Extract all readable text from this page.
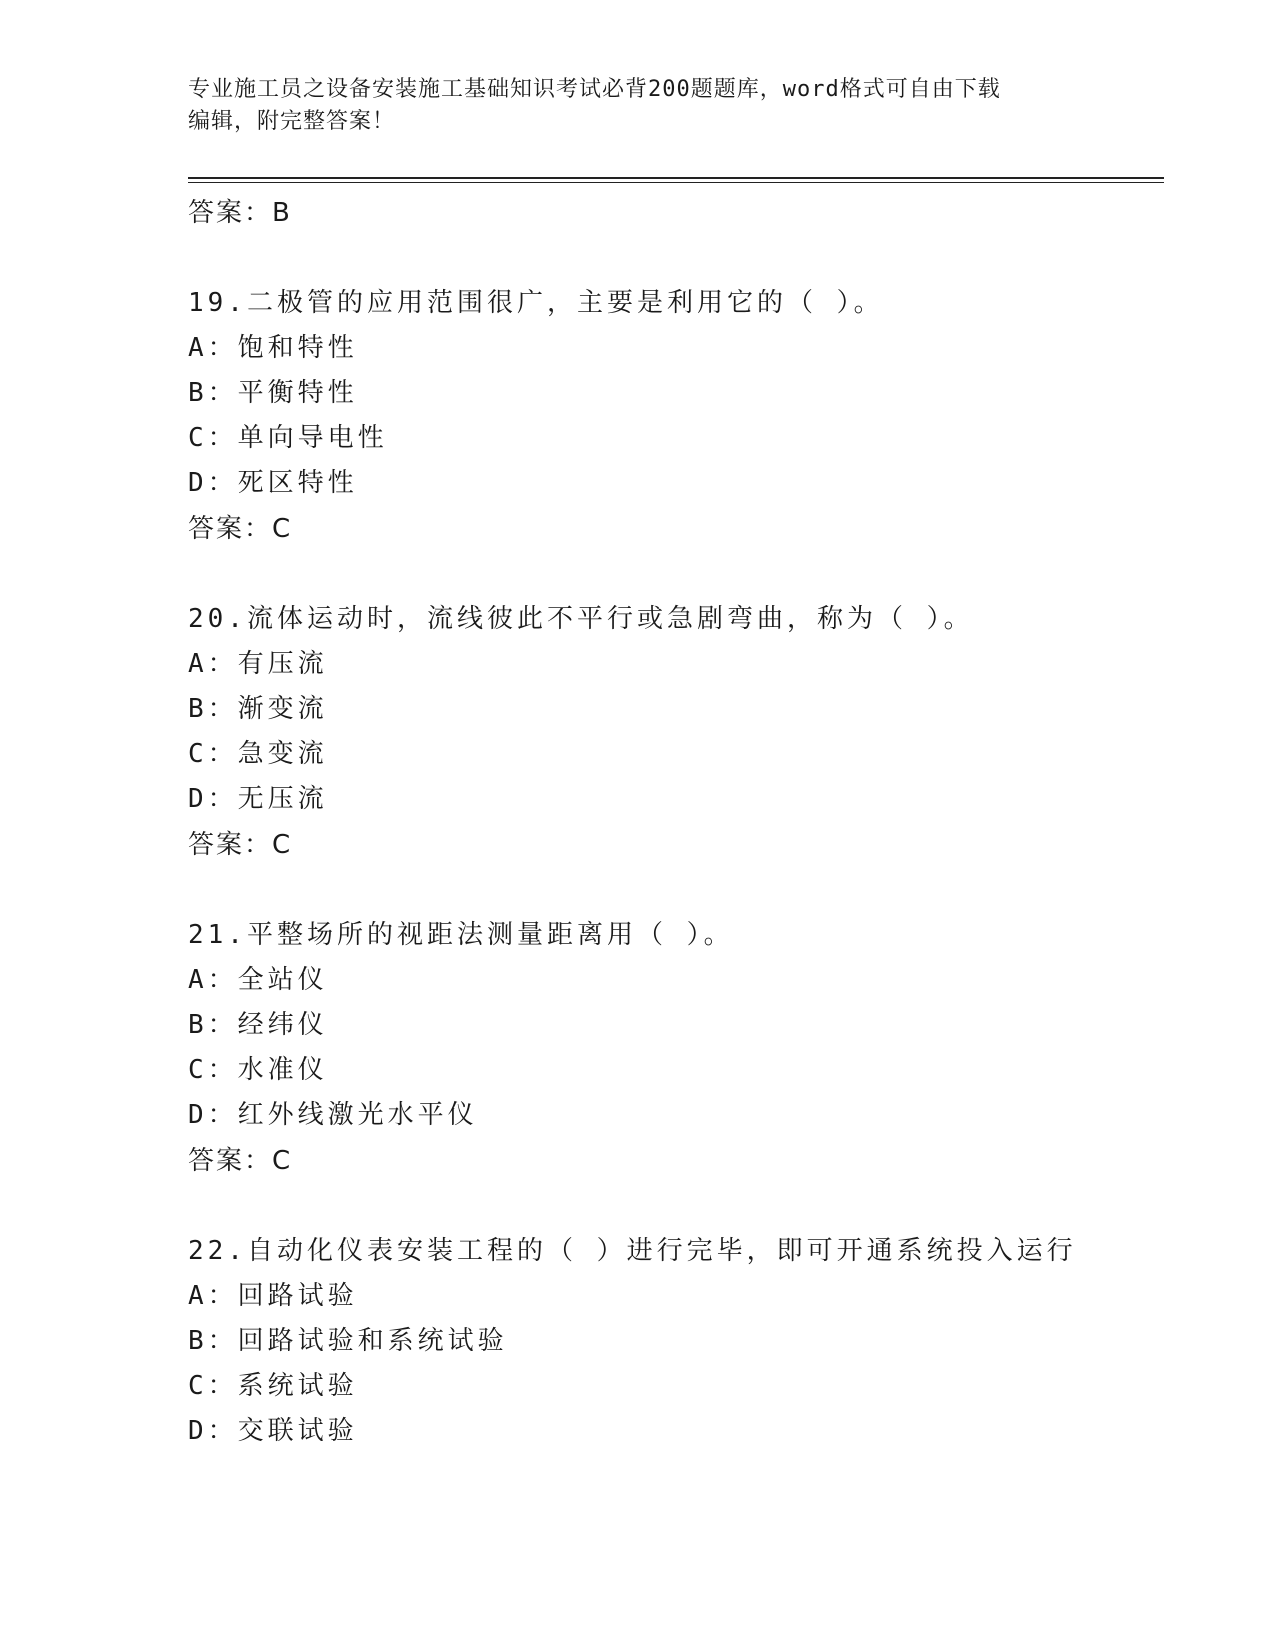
专业施工员之设备安装施工基础知识考试必背200题题库，word格式可自由下载
编辑，附完整答案！
答案：B
19.二极管的应用范围很广，主要是利用它的（ ）。
A：饱和特性
B：平衡特性
C：单向导电性
D：死区特性
答案：C
20.流体运动时，流线彼此不平行或急剧弯曲，称为（ ）。
A：有压流
B：渐变流
C：急变流
D：无压流
答案：C
21.平整场所的视距法测量距离用（ ）。
A：全站仪
B：经纬仪
C：水准仪
D：红外线激光水平仪
答案：C
22.自动化仪表安装工程的（ ）进行完毕，即可开通系统投入运行
A：回路试验
B：回路试验和系统试验
C：系统试验
D：交联试验
